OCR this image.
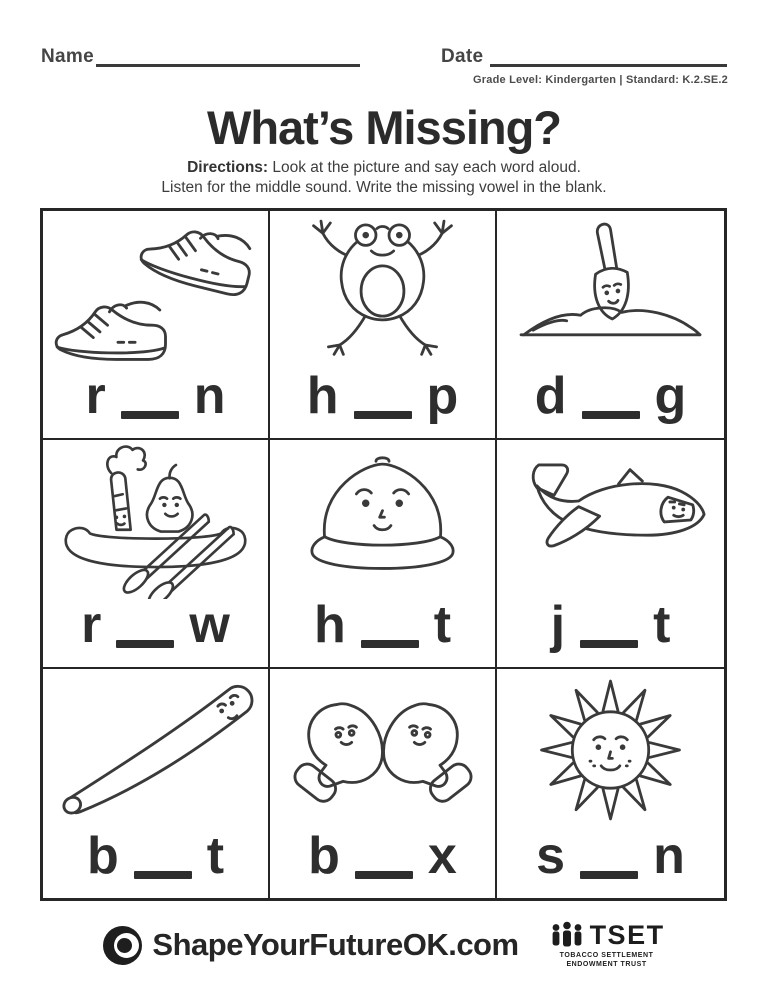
Name	Date
Grade Level: Kindergarten | Standard: K.2.SE.2
What’s Missing?
Directions: Look at the picture and say each word aloud.
Listen for the middle sound. Write the missing vowel in the blank.
r n h p d g
r w h t j t
b t b x s n
ShapeYourFutureOK.com	TSET
TOBACCO SETTLEMENT
ENDOWMENT TRUST
